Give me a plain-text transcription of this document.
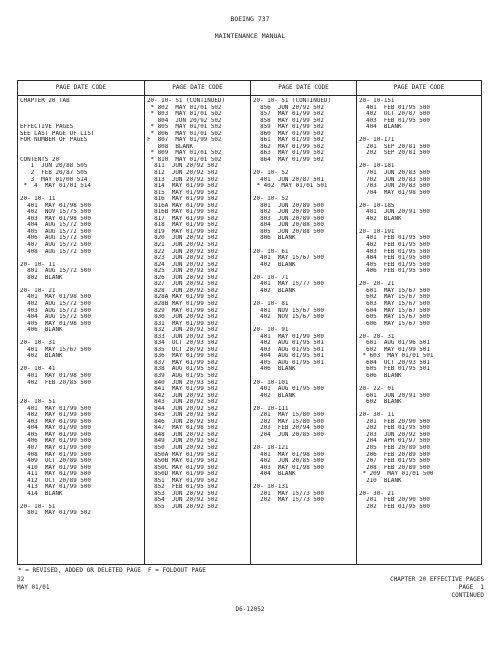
BOEING 737
MAINTENANCE MANUAL
PAGE DATE CODE
CHAPTER 20 TAB
EFFECTIVE PAGES
SEE LAST PAGE OF LIST
FOR NUMBER OF PAGES
CONTENTS 20
1  JUN 20/88 505
2  FEB 20/87 505
3  MAY 01/00 514
*  4  MAY 01/01 514
20- 10- 11
401  MAY 01/98 500
402  NOV 15/75 500
403  MAY 01/98 500
404  AUG 15/72 500
405  AUG 15/72 500
406  AUG 15/72 500
407  AUG 15/72 500
408  AUG 15/72 500
20- 10- 11
801  AUG 15/72 500
802  BLANK
20- 10- 21
401  MAY 01/98 500
402  AUG 15/72 500
403  AUG 15/72 500
404  AUG 15/72 500
405  MAY 01/98 500
406  BLANK
20- 10- 31
401  MAY 15/67 500
402  BLANK
20- 10- 41
401  MAY 01/98 500
402  FEB 20/85 500
20- 10- 51
401  MAY 01/99 500
402  MAY 01/99 500
403  MAY 01/99 500
404  MAY 01/99 500
405  MAY 01/99 500
406  MAY 01/99 500
407  MAY 01/99 500
408  MAY 01/99 500
409  OCT 20/89 500
410  MAY 01/99 500
411  MAY 01/99 500
412  OCT 20/89 500
413  MAY 01/99 500
414  BLANK
20- 10- 51
801  MAY 01/99 502
PAGE DATE CODE
20- 10- 51 (CONTINUED)
* 802  MAY 01/01 502
* 803  MAY 01/01 502
804  JUN 20/92 502
* 805  MAY 01/01 502
* 806  MAY 01/01 502
F  807  MAY 01/99 502
808  BLANK
* 809  MAY 01/01 502
* 810  MAY 01/01 502
811  JUN 20/92 502
812  JUN 20/92 502
813  JUN 20/92 502
814  MAY 01/99 502
815  MAY 01/99 502
816  MAY 01/99 502
816A MAY 01/99 502
816B MAY 01/99 502
817  MAY 01/99 502
818  MAY 01/99 502
819  MAY 01/99 502
820  JUN 20/92 502
821  JUN 20/92 502
822  JUN 20/92 502
823  JUN 20/92 502
824  JUN 20/92 502
825  JUN 20/92 502
826  JUN 20/92 502
827  JUN 20/92 502
828  JUN 20/92 502
828A MAY 01/99 502
828B MAY 01/99 502
829  MAY 01/99 502
830  JUN 20/92 502
831  MAY 01/99 502
832  JUN 20/92 502
833  JUN 20/92 502
834  OCT 20/93 502
835  OCT 20/92 502
836  MAY 01/99 502
837  MAY 01/99 502
838  AUG 01/95 502
839  AUG 01/95 502
840  JUN 20/93 502
841  MAY 01/99 502
842  JUN 20/92 502
843  JUN 20/92 502
844  JUN 20/92 502
845  JUN 20/92 502
846  JUN 20/92 502
847  MAY 01/98 502
848  JUN 20/92 502
849  JUN 20/92 502
850  JUN 20/92 502
850A MAY 01/99 502
850B MAY 01/99 502
850C MAY 01/99 502
850D MAY 01/99 502
851  MAY 01/99 502
852  FEB 01/95 502
853  JUN 20/92 502
854  JUN 20/92 502
855  JUN 20/92 502
PAGE DATE CODE
20- 10- 51 (CONTINUED)
856  JUN 20/92 502
857  MAY 01/99 502
858  MAY 01/99 502
859  MAY 01/99 502
860  MAY 01/99 502
861  MAY 01/99 502
862  MAY 01/99 502
863  MAY 01/99 502
864  MAY 01/99 502
20- 10- 52
401  JUN 20/87 501
* 402  MAY 01/01 501
20- 10- 52
801  JUN 20/89 500
802  JUN 20/89 500
803  JUN 20/89 500
804  JUN 20/88 500
805  JUN 20/88 500
806  BLANK
20- 10- 61
401  MAY 15/67 500
402  BLANK
20- 10- 71
401  MAY 15/77 500
402  BLANK
20- 10- 81
401  NOV 15/67 500
402  NOV 15/67 500
20- 10- 91
401  MAY 01/99 500
402  AUG 01/95 501
403  AUG 01/95 501
404  AUG 01/95 501
405  AUG 01/95 501
406  BLANK
20- 10-101
401  AUG 01/95 500
402  BLANK
20- 10-111
201  MAY 15/80 500
202  MAY 15/80 500
203  FEB 20/94 500
204  JUN 20/85 500
20- 10-121
401  MAY 01/98 500
402  JUN 20/85 500
403  MAY 01/98 500
404  BLANK
20- 10-131
201  MAY 15/73 500
202  MAY 15/73 500
PAGE DATE CODE
20- 10-151
401  FEB 01/95 500
402  OCT 20/87 500
403  FEB 01/95 500
404  BLANK
20- 10-171
201  SEP 20/81 500
202  SEP 20/81 500
20- 10-181
701  JUN 20/83 500
702  JUN 20/83 500
703  JUN 20/83 500
704  MAY 01/98 500
20- 10-185
401  JUN 20/91 500
402  BLANK
20- 10-191
401  FEB 01/95 500
402  FEB 01/95 500
403  FEB 01/95 500
404  FEB 01/95 500
405  FEB 01/95 500
406  FEB 01/95 500
20- 20- 21
601  MAY 15/67 500
602  MAY 15/67 500
603  MAY 15/67 500
604  MAY 15/67 500
605  MAY 15/67 500
606  MAY 15/67 500
20- 20- 31
601  AUG 01/96 501
602  MAY 01/99 501
* 603  MAY 01/01 501
604  OCT 20/93 501
605  FEB 01/95 501
606  BLANK
20- 22- 01
601  JUN 20/91 500
602  BLANK
20- 30- 11
201  FEB 20/90 500
202  FEB 01/95 500
203  JUN 20/92 500
204  APR 01/97 500
205  FEB 20/89 500
206  FEB 20/89 500
207  FEB 01/95 500
208  FEB 20/89 500
* 209  MAY 01/01 500
210  BLANK
20- 30- 21
201  FEB 20/90 500
202  FEB 01/95 500
* = REVISED, ADDED OR DELETED PAGE  F = FOLDOUT PAGE
32
MAY 01/01
CHAPTER 20 EFFECTIVE PAGES
PAGE  1
CONTINUED
D6-12052
